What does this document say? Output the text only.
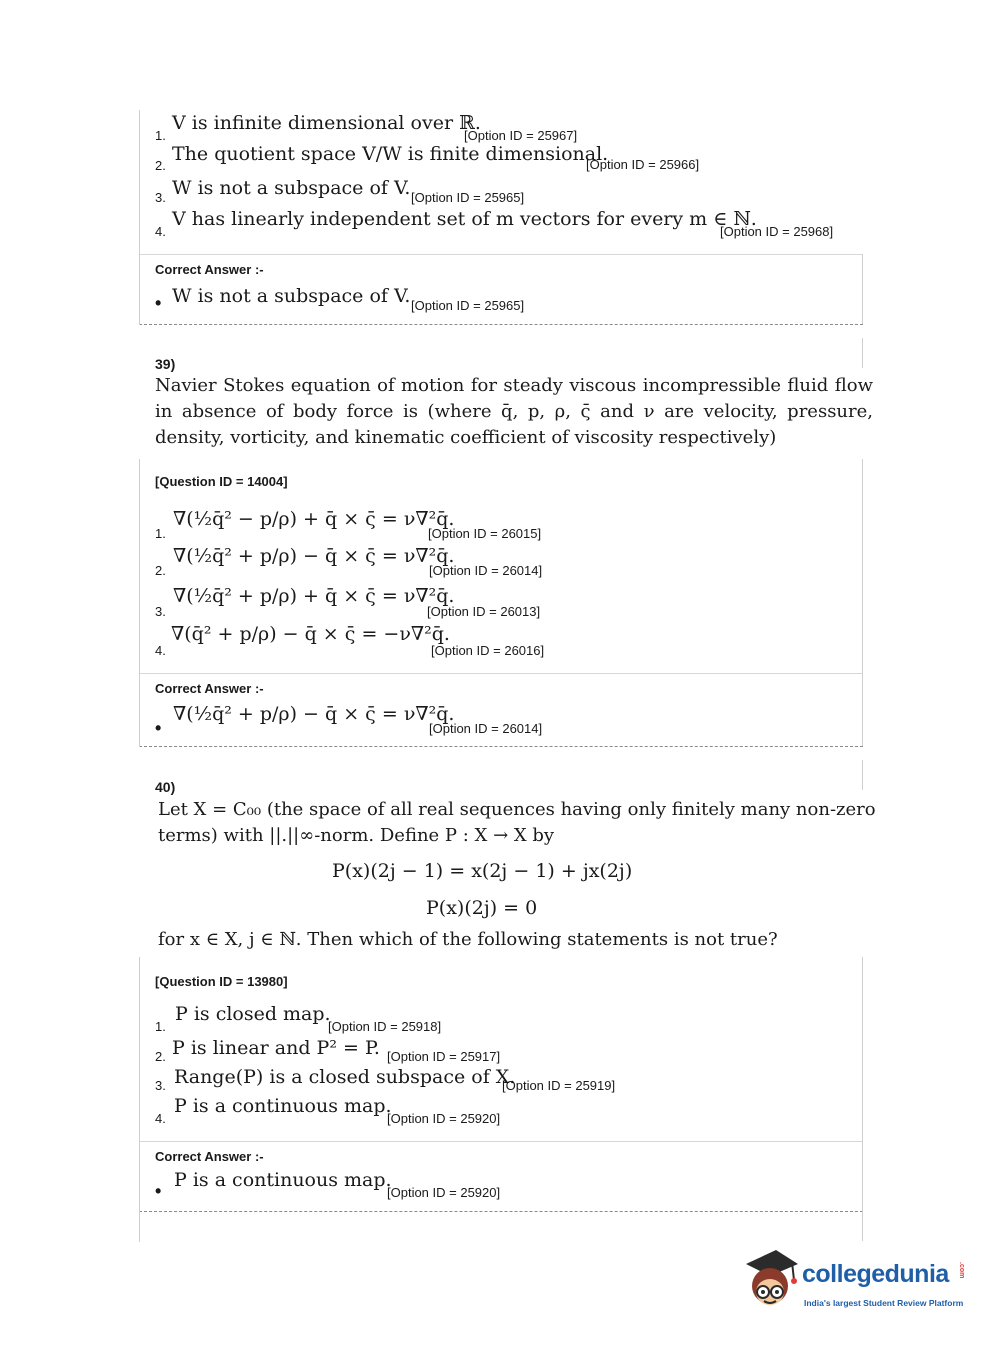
1.
V is infinite dimensional over ℝ.
[Option ID = 25967]
2.
The quotient space V/W is finite dimensional.
[Option ID = 25966]
3. W is not a subspace of V. [Option ID = 25965]
4.
V has linearly independent set of m vectors for every m ∈ ℕ.
[Option ID = 25968]
Correct Answer :-
• W is not a subspace of V. [Option ID = 25965]
39)
Navier Stokes equation of motion for steady viscous incompressible fluid flow in absence of body force is (where q̄, p, ρ, ς̄ and ν are velocity, pressure, density, vorticity, and kinematic coefficient of viscosity respectively)
[Question ID = 14004]
1.
∇(½q̄² − p/ρ) + q̄ × ς̄ = ν∇²q̄.
[Option ID = 26015]
2.
∇(½q̄² + p/ρ) − q̄ × ς̄ = ν∇²q̄.
[Option ID = 26014]
3.
∇(½q̄² + p/ρ) + q̄ × ς̄ = ν∇²q̄.
[Option ID = 26013]
4.
∇(q̄² + p/ρ) − q̄ × ς̄ = −ν∇²q̄.
[Option ID = 26016]
Correct Answer :-
•
∇(½q̄² + p/ρ) − q̄ × ς̄ = ν∇²q̄.
[Option ID = 26014]
40)
Let X = C₀₀ (the space of all real sequences having only finitely many non-zero
terms) with ||.||∞-norm. Define P : X → X by
P(x)(2j − 1) = x(2j − 1) + jx(2j)
P(x)(2j) = 0
for x ∈ X, j ∈ ℕ. Then which of the following statements is not true?
[Question ID = 13980]
1.
P is closed map.
[Option ID = 25918]
2. P is linear and P² = P. [Option ID = 25917]
3. Range(P) is a closed subspace of X.
[Option ID = 25919]
4.
P is a continuous map.
[Option ID = 25920]
Correct Answer :-
• P is a continuous map.
[Option ID = 25920]
collegedunia .com
India's largest Student Review Platform
